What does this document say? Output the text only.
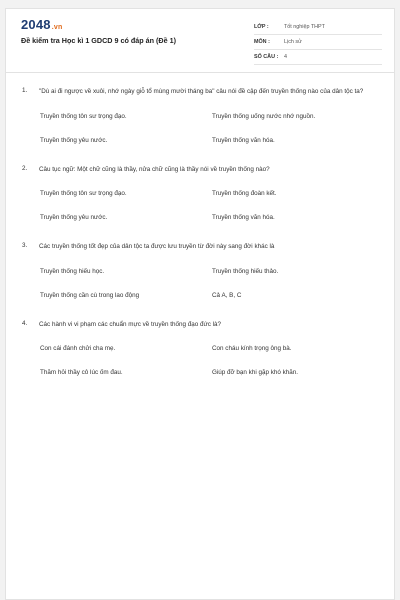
2048.vn
Đề kiểm tra Học kì 1 GDCD 9 có đáp án (Đề 1)
LỚP :	Tốt nghiệp THPT
MÔN :	Lịch sử
SỐ CÂU :	4
1. "Dù ai đi ngược về xuôi, nhớ ngày giỗ tổ mùng mười tháng ba" câu nói đề cập đến truyền thống nào của dân tộc ta?
Truyền thống tôn sư trọng đạo.	Truyền thống uống nước nhớ nguồn.
Truyền thống yêu nước.	Truyền thống văn hóa.
2. Câu tục ngữ: Một chữ cũng là thầy, nửa chữ cũng là thầy nói về truyền thống nào?
Truyền thống tôn sư trọng đạo.	Truyền thống đoàn kết.
Truyền thống yêu nước.	Truyền thống văn hóa.
3. Các truyền thống tốt đẹp của dân tộc ta được lưu truyền từ đời này sang đời khác là
Truyền thống hiếu học.	Truyền thống hiếu thảo.
Truyền thống cần cù trong lao động	Cả A, B, C
4. Các hành vi vi phạm các chuẩn mực về truyền thống đạo đức là?
Con cái đánh chửi cha mẹ.	Con cháu kính trọng ông bà.
Thăm hỏi thầy cô lúc ốm đau.	Giúp đỡ bạn khi gặp khó khăn.
